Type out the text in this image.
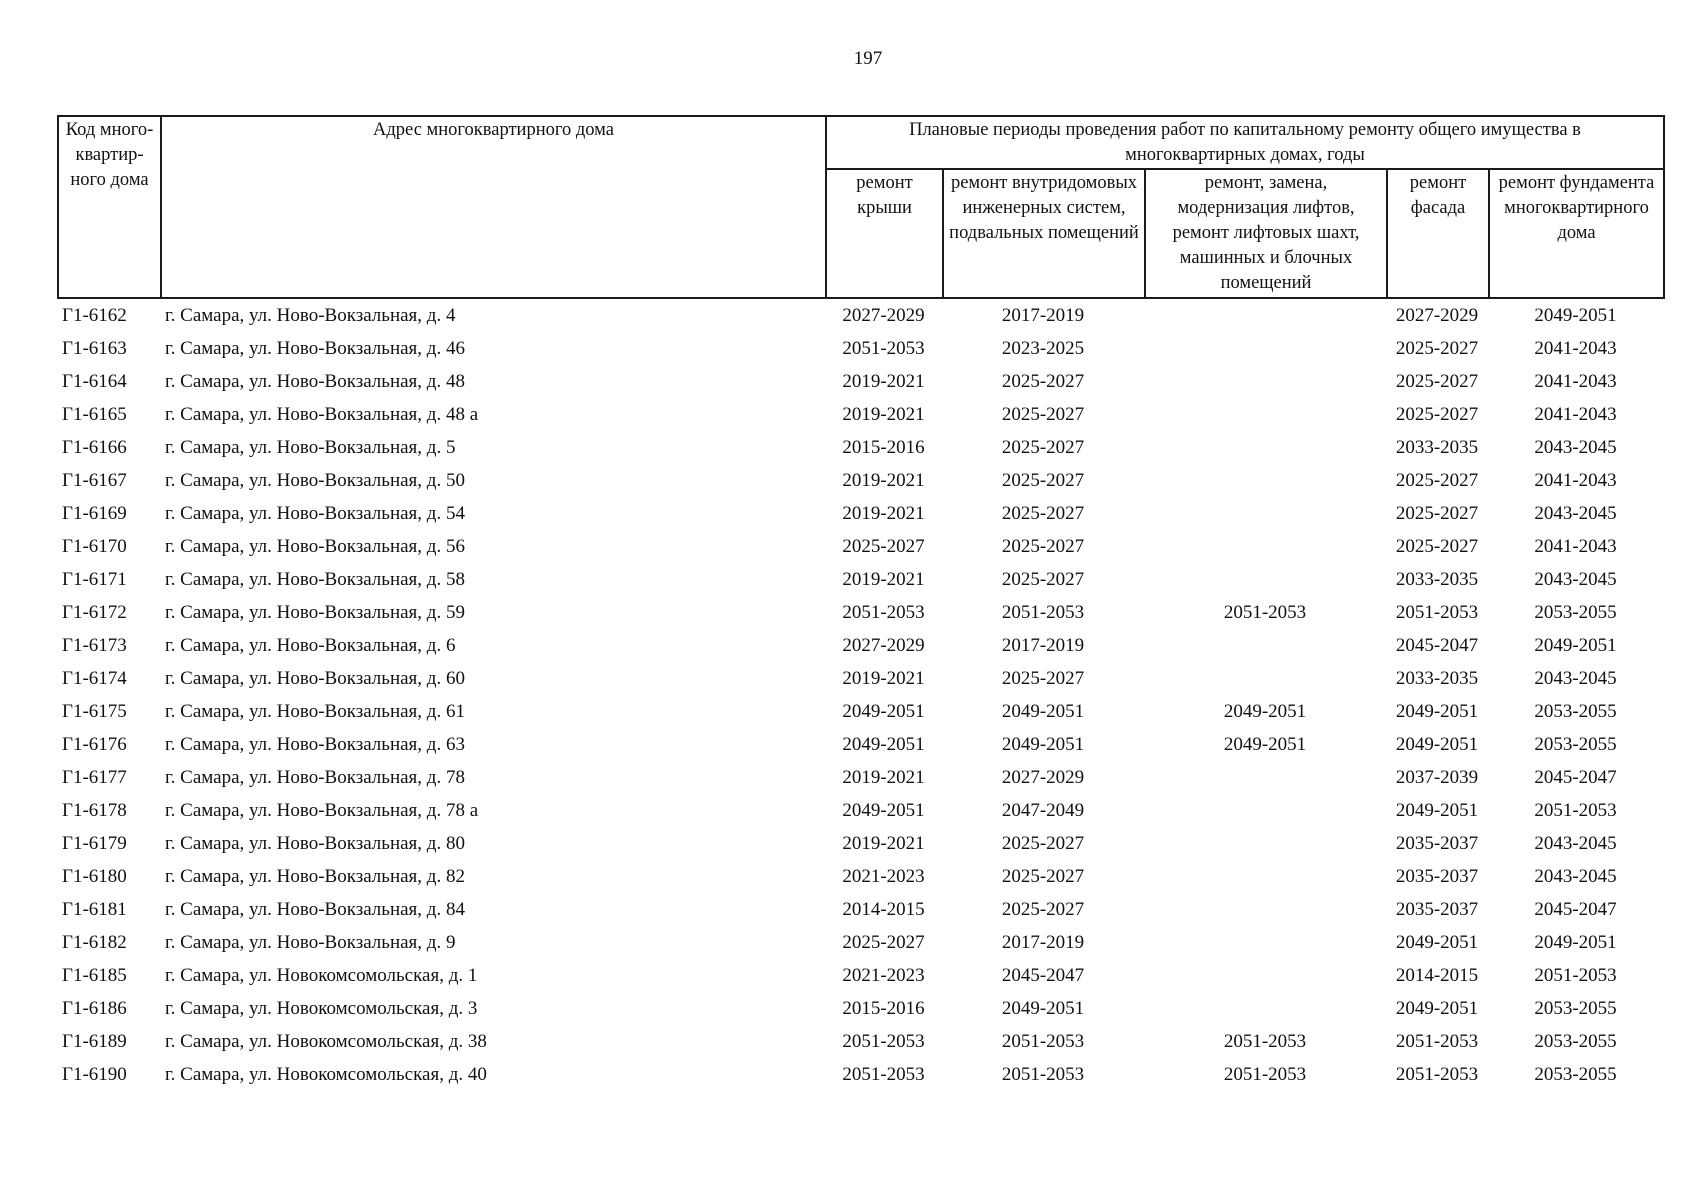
197
Код много-квартир-ного дома	Адрес многоквартирного дома	Плановые периоды проведения работ по капитальному ремонту общего имущества в многоквартирных домах, годы				

		ремонт крыши	ремонт внутридомовых инженерных систем, подвальных помещений	ремонт, замена, модернизация лифтов, ремонт лифтовых шахт, машинных и блочных помещений	ремонт фасада	ремонт фундамента многоквартирного дома
Г1-6162	г. Самара, ул. Ново-Вокзальная, д. 4	2027-2029	2017-2019		2027-2029	2049-2051
Г1-6163	г. Самара, ул. Ново-Вокзальная, д. 46	2051-2053	2023-2025		2025-2027	2041-2043
Г1-6164	г. Самара, ул. Ново-Вокзальная, д. 48	2019-2021	2025-2027		2025-2027	2041-2043
Г1-6165	г. Самара, ул. Ново-Вокзальная, д. 48 а	2019-2021	2025-2027		2025-2027	2041-2043
Г1-6166	г. Самара, ул. Ново-Вокзальная, д. 5	2015-2016	2025-2027		2033-2035	2043-2045
Г1-6167	г. Самара, ул. Ново-Вокзальная, д. 50	2019-2021	2025-2027		2025-2027	2041-2043
Г1-6169	г. Самара, ул. Ново-Вокзальная, д. 54	2019-2021	2025-2027		2025-2027	2043-2045
Г1-6170	г. Самара, ул. Ново-Вокзальная, д. 56	2025-2027	2025-2027		2025-2027	2041-2043
Г1-6171	г. Самара, ул. Ново-Вокзальная, д. 58	2019-2021	2025-2027		2033-2035	2043-2045
Г1-6172	г. Самара, ул. Ново-Вокзальная, д. 59	2051-2053	2051-2053	2051-2053	2051-2053	2053-2055
Г1-6173	г. Самара, ул. Ново-Вокзальная, д. 6	2027-2029	2017-2019		2045-2047	2049-2051
Г1-6174	г. Самара, ул. Ново-Вокзальная, д. 60	2019-2021	2025-2027		2033-2035	2043-2045
Г1-6175	г. Самара, ул. Ново-Вокзальная, д. 61	2049-2051	2049-2051	2049-2051	2049-2051	2053-2055
Г1-6176	г. Самара, ул. Ново-Вокзальная, д. 63	2049-2051	2049-2051	2049-2051	2049-2051	2053-2055
Г1-6177	г. Самара, ул. Ново-Вокзальная, д. 78	2019-2021	2027-2029		2037-2039	2045-2047
Г1-6178	г. Самара, ул. Ново-Вокзальная, д. 78 а	2049-2051	2047-2049		2049-2051	2051-2053
Г1-6179	г. Самара, ул. Ново-Вокзальная, д. 80	2019-2021	2025-2027		2035-2037	2043-2045
Г1-6180	г. Самара, ул. Ново-Вокзальная, д. 82	2021-2023	2025-2027		2035-2037	2043-2045
Г1-6181	г. Самара, ул. Ново-Вокзальная, д. 84	2014-2015	2025-2027		2035-2037	2045-2047
Г1-6182	г. Самара, ул. Ново-Вокзальная, д. 9	2025-2027	2017-2019		2049-2051	2049-2051
Г1-6185	г. Самара, ул. Новокомсомольская, д. 1	2021-2023	2045-2047		2014-2015	2051-2053
Г1-6186	г. Самара, ул. Новокомсомольская, д. 3	2015-2016	2049-2051		2049-2051	2053-2055
Г1-6189	г. Самара, ул. Новокомсомольская, д. 38	2051-2053	2051-2053	2051-2053	2051-2053	2053-2055
Г1-6190	г. Самара, ул. Новокомсомольская, д. 40	2051-2053	2051-2053	2051-2053	2051-2053	2053-2055
